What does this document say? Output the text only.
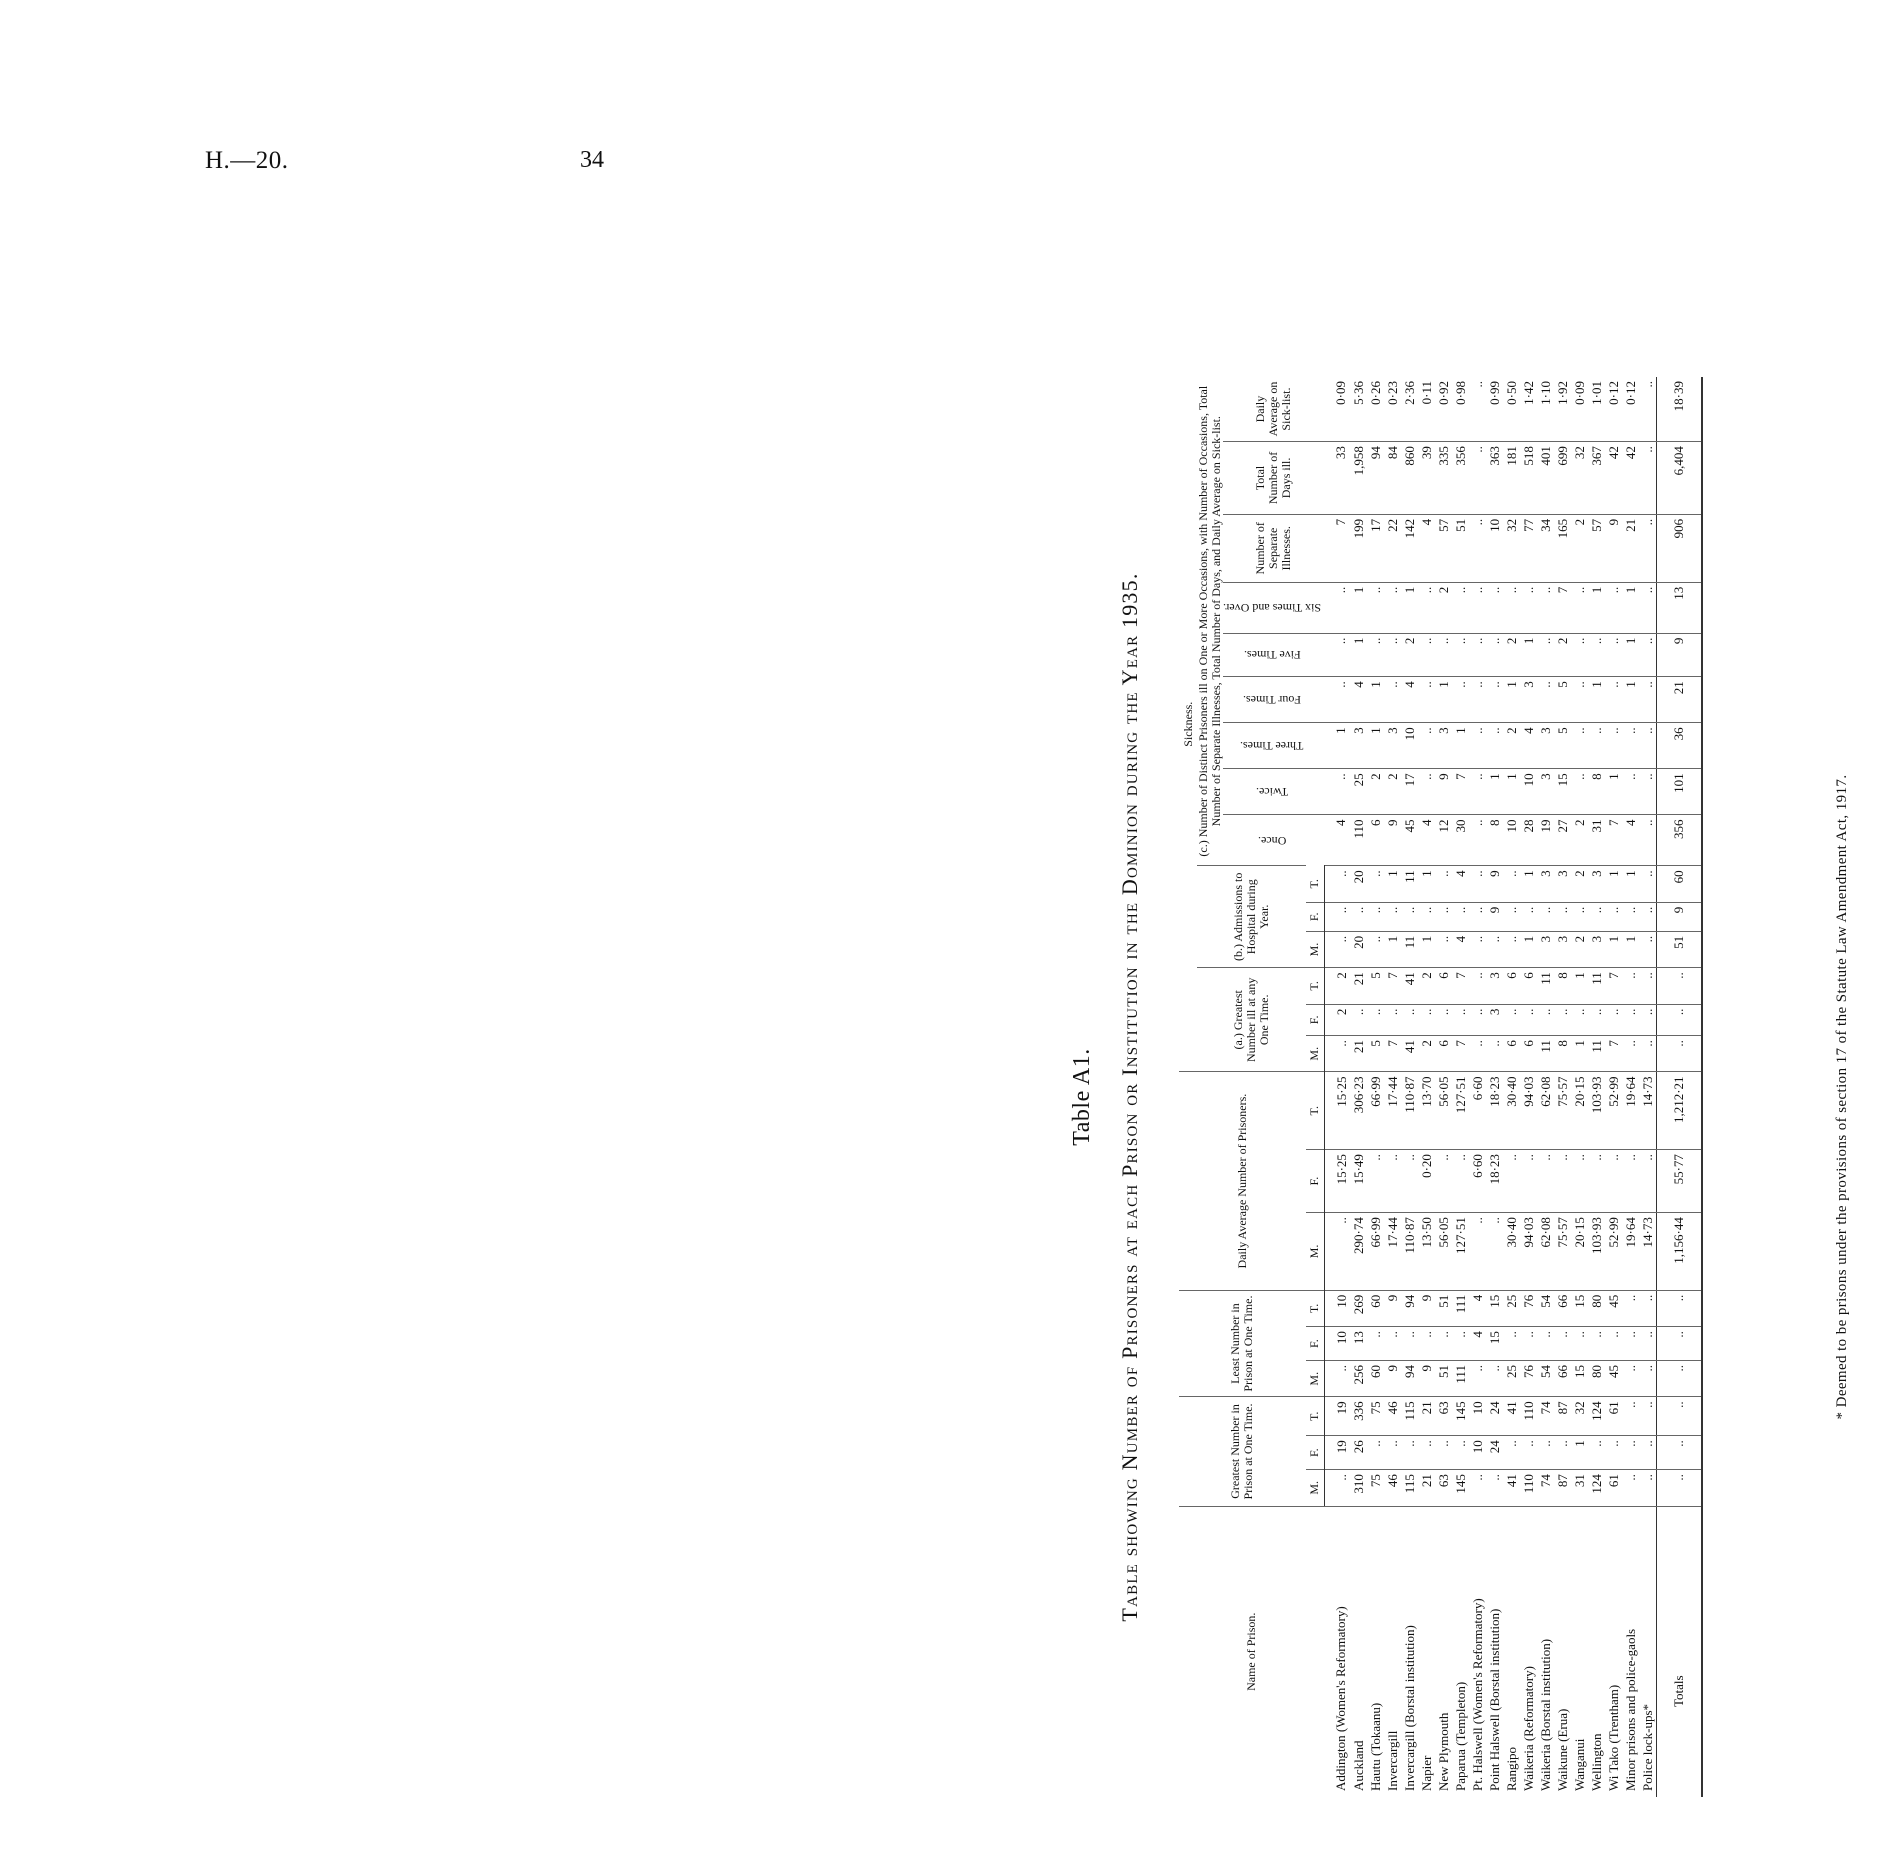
H.—20.	34
Table A1. Table showing Number of Prisoners at each Prison or Institution in the Dominion during the Year 1935.
Name of Prison.	Greatest Number in Prison at One Time.			Least Number in Prison at One Time.			Daily Average Number of Prisoners.			Sickness.														
										(a.) Greatest Number ill at any One Time.			(b.) Admissions to Hospital during Year.			(c.) Number of Distinct Prisoners ill on One or More Occasions, with Number of Occasions, Total Number of Separate Illnesses, Total Number of Days, and Daily Average on Sick-list.								
																Once.	Twice.	Three Times.	Four Times.	Five Times.	Six Times and Over.	Number of Separate Illnesses.	Total Number of Days ill.	Daily Average on Sick-list.
	M.	F.	T.	M.	F.	T.	M.	F.	T.	M.	F.	T.	M.	F.	T.									
Addington (Women's Reformatory)	..	19	19	..	10	10	..	15·25	15·25	..	2	2	..	..	..	4	..	1	..	..	..	7	33	0·09
Auckland	310	26	336	256	13	269	290·74	15·49	306·23	21	..	21	20	..	20	110	25	3	4	1	1	199	1,958	5·36
Hautu (Tokaanu)	75	..	75	60	..	60	66·99	..	66·99	5	..	5	..	..	..	6	2	1	1	..	..	17	94	0·26
Invercargill	46	..	46	9	..	9	17·44	..	17·44	7	..	7	1	..	1	9	2	3	..	..	..	22	84	0·23
Invercargill (Borstal institution)	115	..	115	94	..	94	110·87	..	110·87	41	..	41	11	..	11	45	17	10	4	2	1	142	860	2·36
Napier	21	..	21	9	..	9	13·50	0·20	13·70	2	..	2	1	..	1	4	..	..	..	..	..	4	39	0·11
New Plymouth	63	..	63	51	..	51	56·05	..	56·05	6	..	6	..	..	..	12	9	3	1	..	2	57	335	0·92
Paparua (Templeton)	145	..	145	111	..	111	127·51	..	127·51	7	..	7	4	..	4	30	7	1	..	..	..	51	356	0·98
Pt. Halswell (Women's Reformatory)	..	10	10	..	4	4	..	6·60	6·60	..	..	..	..	..	..	..	..	..	..	..	..	..	..	..
Point Halswell (Borstal institution)	..	24	24	..	15	15	..	18·23	18·23	..	3	3	..	9	9	8	1	..	..	..	..	10	363	0·99
Rangipo	41	..	41	25	..	25	30·40	..	30·40	6	..	6	..	..	..	10	1	2	1	2	..	32	181	0·50
Waikeria (Reformatory)	110	..	110	76	..	76	94·03	..	94·03	6	..	6	1	..	1	28	10	4	3	1	..	77	518	1·42
Waikeria (Borstal institution)	74	..	74	54	..	54	62·08	..	62·08	11	..	11	3	..	3	19	3	3	..	..	..	34	401	1·10
Waikune (Erua)	87	..	87	66	..	66	75·57	..	75·57	8	..	8	3	..	3	27	15	5	5	2	7	165	699	1·92
Wanganui	31	1	32	15	..	15	20·15	..	20·15	1	..	1	2	..	2	2	..	..	..	..	..	2	32	0·09
Wellington	124	..	124	80	..	80	103·93	..	103·93	11	..	11	3	..	3	31	8	..	1	..	1	57	367	1·01
Wi Tako (Trentham)	61	..	61	45	..	45	52·99	..	52·99	7	..	7	1	..	1	7	1	..	..	..	..	9	42	0·12
Minor prisons and police-gaols	..	..	..	..	..	..	19·64	..	19·64	..	..	..	1	..	1	4	..	..	1	1	1	21	42	0·12
Police lock-ups*	..	..	..	..	..	..	14·73	..	14·73	..	..	..	..	..	..	..	..	..	..	..	..	..	..	..
Totals	..	..	..	..	..	..	1,156·44	55·77	1,212·21	..	..	..	51	9	60	356	101	36	21	9	13	906	6,404	18·39
* Deemed to be prisons under the provisions of section 17 of the Statute Law Amendment Act, 1917.
